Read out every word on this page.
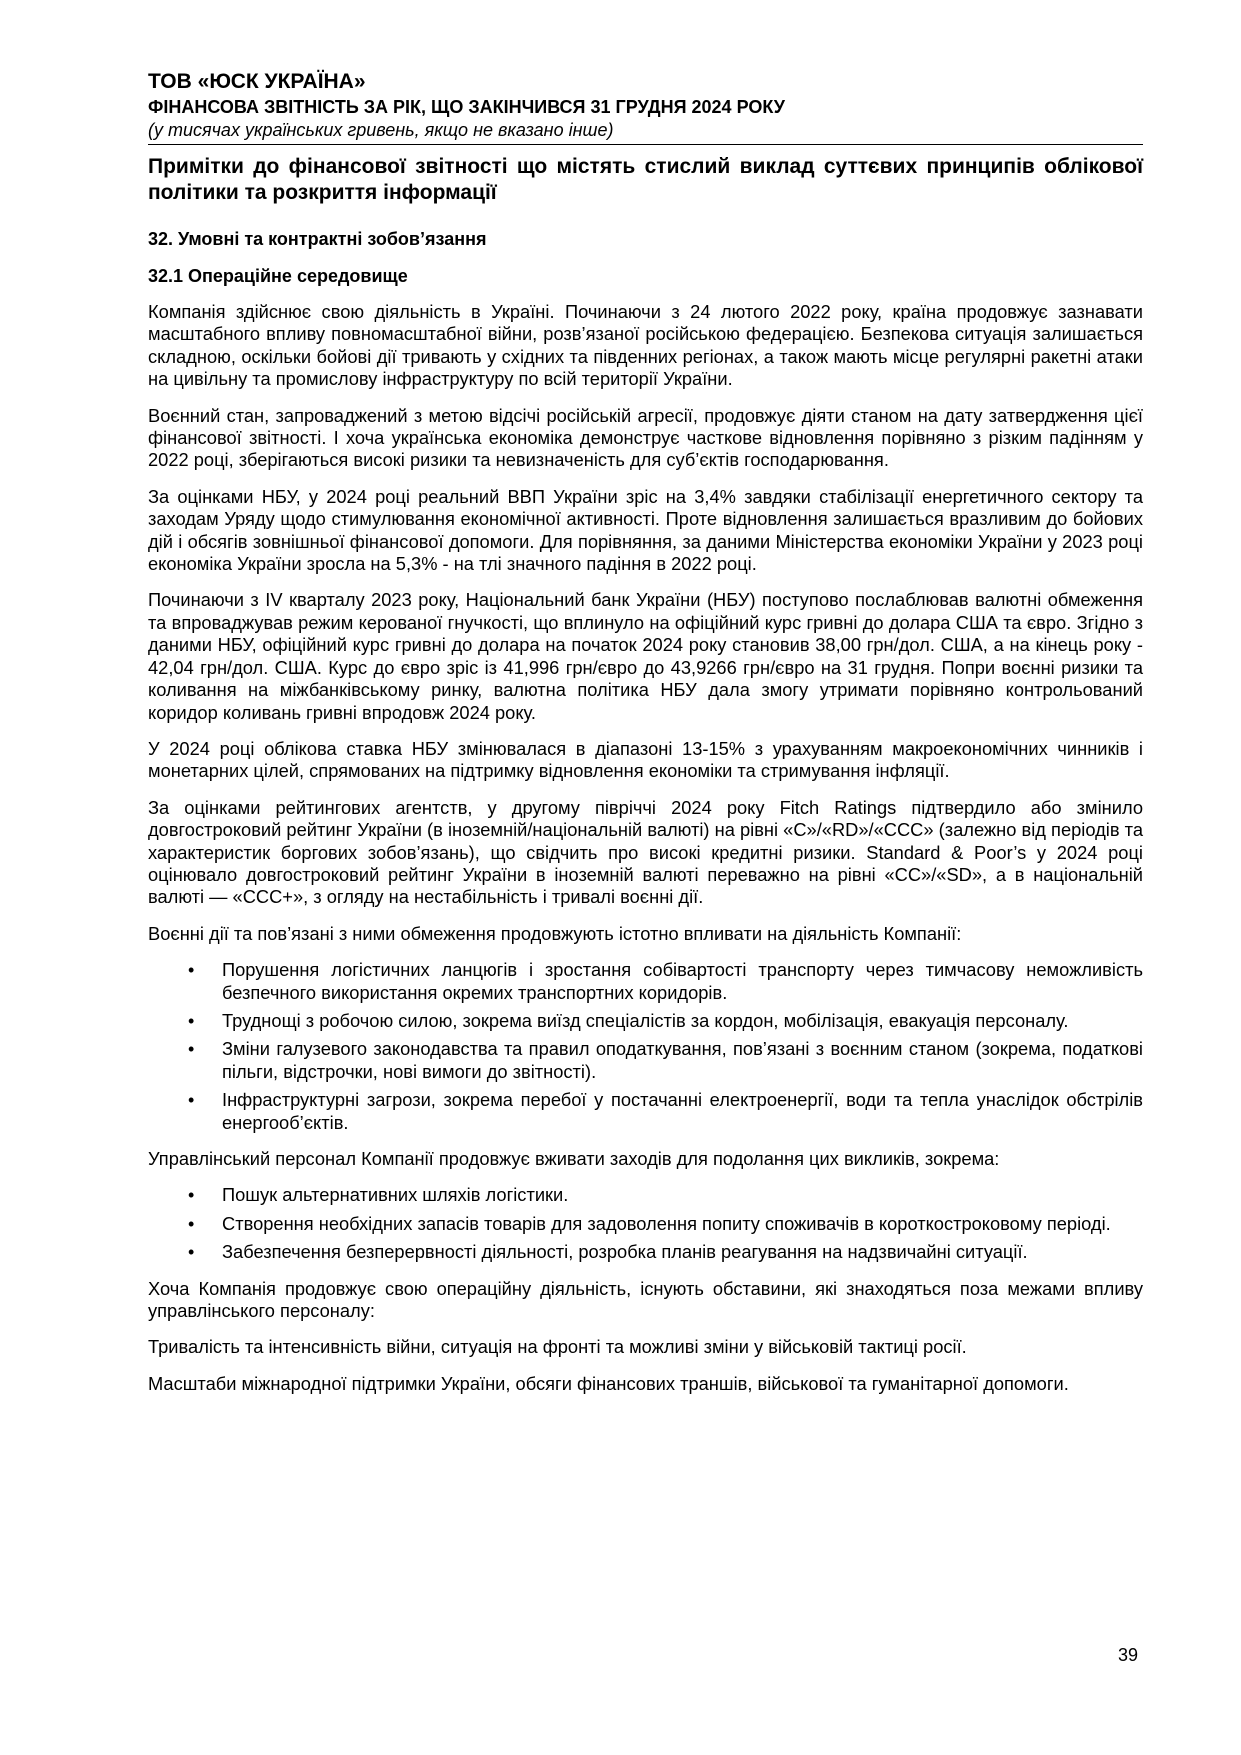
ТОВ «ЮСК УКРАЇНА»
ФІНАНСОВА ЗВІТНІСТЬ ЗА РІК, ЩО ЗАКІНЧИВСЯ 31 ГРУДНЯ 2024 РОКУ
(у тисячах українських гривень, якщо не вказано інше)
Примітки до фінансової звітності що містять стислий виклад суттєвих принципів облікової політики та розкриття інформації
32. Умовні та контрактні зобов’язання
32.1 Операційне середовище

Компанія здійснює свою діяльність в Україні. Починаючи з 24 лютого 2022 року, країна продовжує зазнавати масштабного впливу повномасштабної війни, розв’язаної російською федерацією. Безпекова ситуація залишається складною, оскільки бойові дії тривають у східних та південних регіонах, а також мають місце регулярні ракетні атаки на цивільну та промислову інфраструктуру по всій території України.

Воєнний стан, запроваджений з метою відсічі російській агресії, продовжує діяти станом на дату затвердження цієї фінансової звітності. І хоча українська економіка демонструє часткове відновлення порівняно з різким падінням у 2022 році, зберігаються високі ризики та невизначеність для суб’єктів господарювання.

За оцінками НБУ, у 2024 році реальний ВВП України зріс на 3,4% завдяки стабілізації енергетичного сектору та заходам Уряду щодо стимулювання економічної активності. Проте відновлення залишається вразливим до бойових дій і обсягів зовнішньої фінансової допомоги. Для порівняння, за даними Міністерства економіки України у 2023 році економіка України зросла на 5,3% - на тлі значного падіння в 2022 році.

Починаючи з IV кварталу 2023 року, Національний банк України (НБУ) поступово послаблював валютні обмеження та впроваджував режим керованої гнучкості, що вплинуло на офіційний курс гривні до долара США та євро. Згідно з даними НБУ, офіційний курс гривні до долара на початок 2024 року становив 38,00 грн/дол. США, а на кінець року - 42,04 грн/дол. США. Курс до євро зріс із 41,996 грн/євро до 43,9266 грн/євро на 31 грудня. Попри воєнні ризики та коливання на міжбанківському ринку, валютна політика НБУ дала змогу утримати порівняно контрольований коридор коливань гривні впродовж 2024 року.

У 2024 році облікова ставка НБУ змінювалася в діапазоні 13-15% з урахуванням макроекономічних чинників і монетарних цілей, спрямованих на підтримку відновлення економіки та стримування інфляції.

За оцінками рейтингових агентств, у другому півріччі 2024 року Fitch Ratings підтвердило або змінило довгостроковий рейтинг України (в іноземній/національній валюті) на рівні «C»/«RD»/«CCC» (залежно від періодів та характеристик боргових зобов’язань), що свідчить про високі кредитні ризики. Standard & Poor’s у 2024 році оцінювало довгостроковий рейтинг України в іноземній валюті переважно на рівні «CC»/«SD», а в національній валюті — «CCC+», з огляду на нестабільність і тривалі воєнні дії.

Воєнні дії та пов’язані з ними обмеження продовжують істотно впливати на діяльність Компанії:

• Порушення логістичних ланцюгів і зростання собівартості транспорту через тимчасову неможливість безпечного використання окремих транспортних коридорів.
• Труднощі з робочою силою, зокрема виїзд спеціалістів за кордон, мобілізація, евакуація персоналу.
• Зміни галузевого законодавства та правил оподаткування, пов’язані з воєнним станом (зокрема, податкові пільги, відстрочки, нові вимоги до звітності).
• Інфраструктурні загрози, зокрема перебої у постачанні електроенергії, води та тепла унаслідок обстрілів енергооб’єктів.

Управлінський персонал Компанії продовжує вживати заходів для подолання цих викликів, зокрема:

• Пошук альтернативних шляхів логістики.
• Створення необхідних запасів товарів для задоволення попиту споживачів в короткостроковому періоді.
• Забезпечення безперервності діяльності, розробка планів реагування на надзвичайні ситуації.

Хоча Компанія продовжує свою операційну діяльність, існують обставини, які знаходяться поза межами впливу управлінського персоналу:

Тривалість та інтенсивність війни, ситуація на фронті та можливі зміни у військовій тактиці росії.

Масштаби міжнародної підтримки України, обсяги фінансових траншів, військової та гуманітарної допомоги.

39
